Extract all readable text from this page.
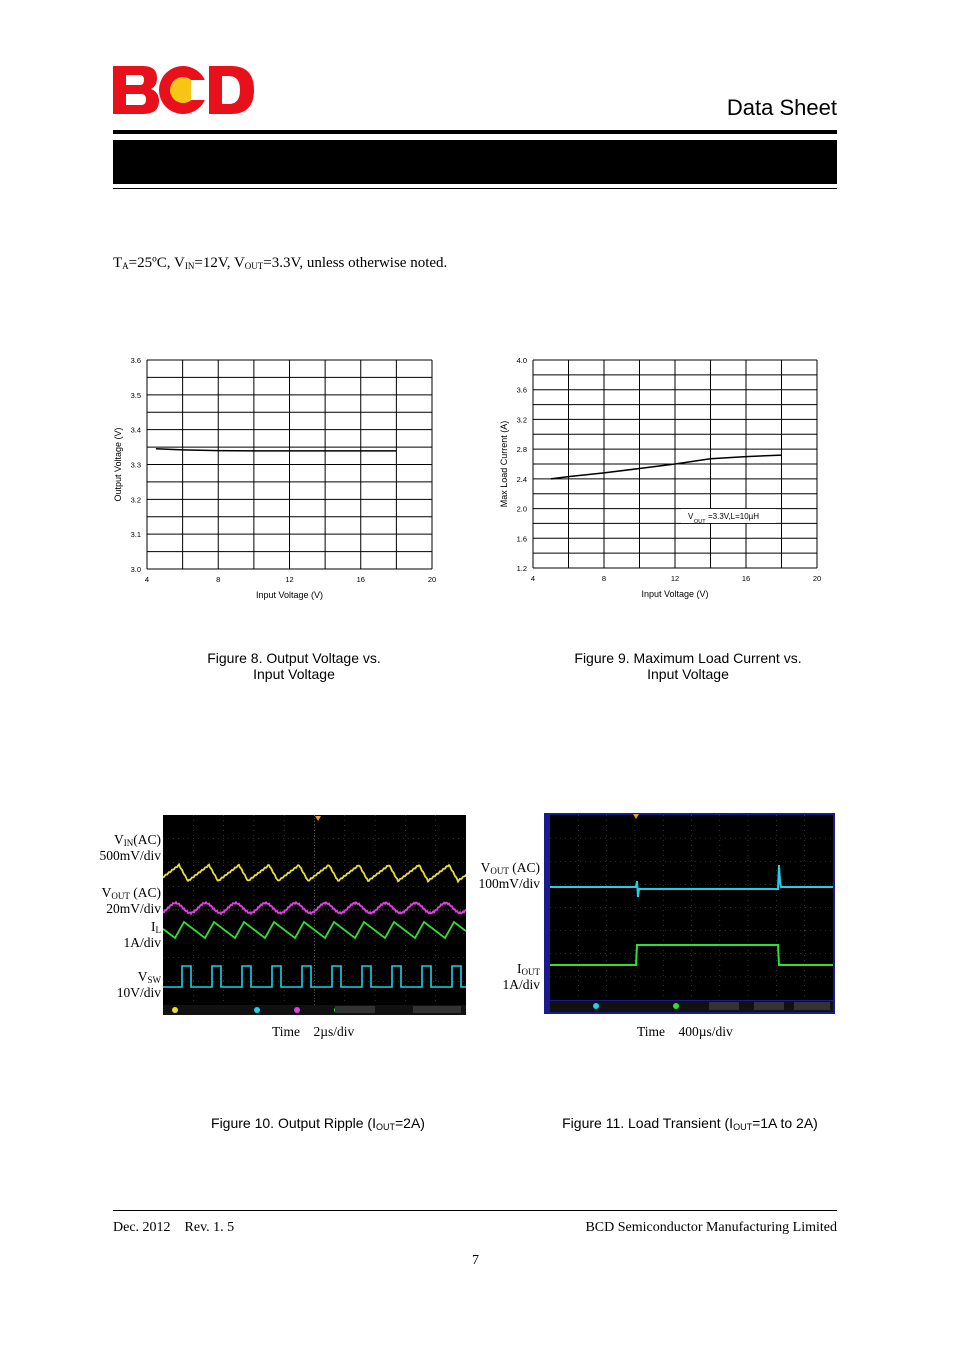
Data Sheet
$T_A=25ºC$, $V_{IN}=12V$, $V_{OUT}=3.3V$, unless otherwise noted.
4	8	12	16	20
3.0
3.1
3.2
3.3
3.4
3.5
3.6
Input Voltage (V)
Output Voltage (V)
4	8	12	16	20
1.2
1.6
2.0
2.4
2.8
3.2
3.6
4.0
Input Voltage (V)
Max Load Current (A)
V
OUT
=3.3V,L=10µH
Figure 8. Output Voltage vs.
Input Voltage
Figure 9. Maximum Load Current vs.
Input Voltage
$V_{IN}(AC)$
500mV/div
$V_{OUT}$ (AC)
20mV/div
$I_L$
1A/div
$V_{SW}$
10V/div
Time    2µs/div
$V_{OUT}$ (AC)
100mV/div
$I_{OUT}$
1A/div
Time    400µs/div
Figure 10. Output Ripple $(I_{OUT}=2A)$	Figure 11. Load Transient ($I_{OUT}=1A$ to 2A)
Dec. 2012    Rev. 1. 5	BCD Semiconductor Manufacturing Limited
7
